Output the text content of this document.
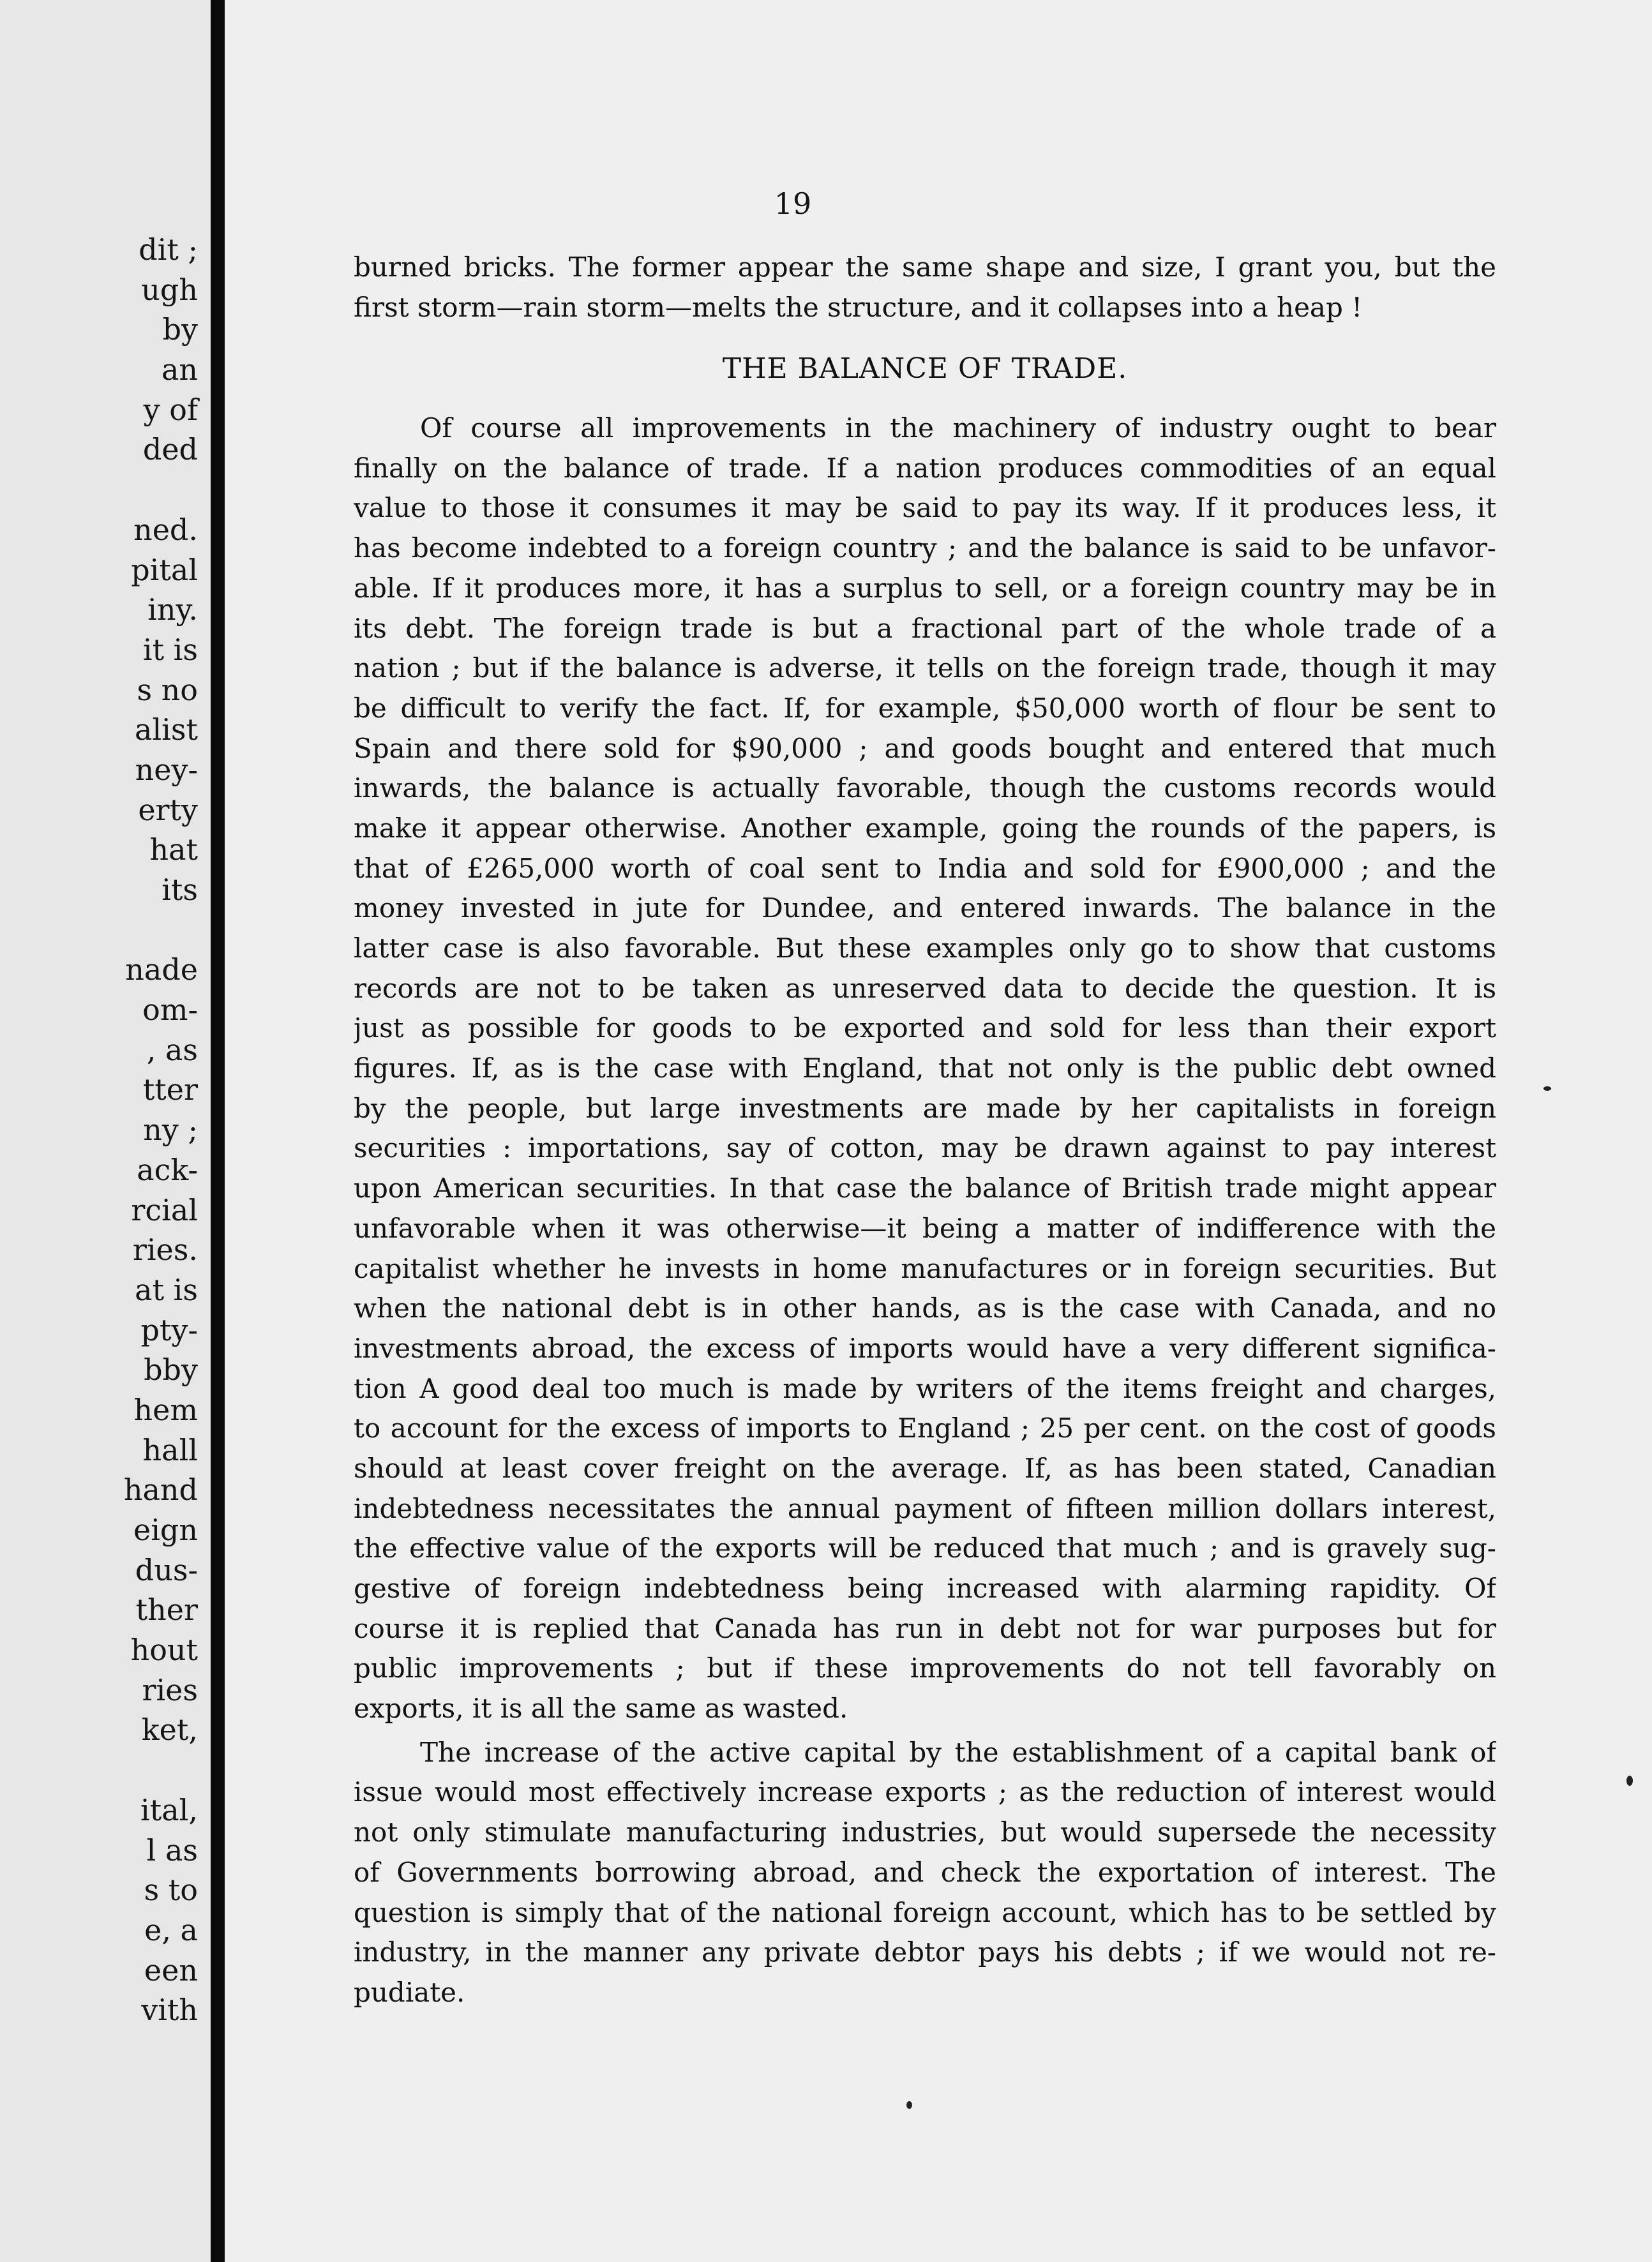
dit ;
ugh
by
an
y of
ded
ned.
pital
iny.
it is
s no
alist
ney-
erty
hat
its
nade
om-
, as
tter
ny ;
ack-
rcial
ries.
at is
pty-
bby
hem
hall
hand
eign
dus-
ther
hout
ries
ket,
ital,
l as
s to
e, a
een
vith
19
burned bricks. The former appear the same shape and size, I grant you, but the
first storm—rain storm—melts the structure, and it collapses into a heap !
THE BALANCE OF TRADE.
Of course all improvements in the machinery of industry ought to bear
finally on the balance of trade. If a nation produces commodities of an equal
value to those it consumes it may be said to pay its way. If it produces less, it
has become indebted to a foreign country ; and the balance is said to be unfavor-
able. If it produces more, it has a surplus to sell, or a foreign country may be in
its debt. The foreign trade is but a fractional part of the whole trade of a
nation ; but if the balance is adverse, it tells on the foreign trade, though it may
be difficult to verify the fact. If, for example, $50,000 worth of flour be sent to
Spain and there sold for $90,000 ; and goods bought and entered that much
inwards, the balance is actually favorable, though the customs records would
make it appear otherwise. Another example, going the rounds of the papers, is
that of £265,000 worth of coal sent to India and sold for £900,000 ; and the
money invested in jute for Dundee, and entered inwards. The balance in the
latter case is also favorable. But these examples only go to show that customs
records are not to be taken as unreserved data to decide the question. It is
just as possible for goods to be exported and sold for less than their export
figures. If, as is the case with England, that not only is the public debt owned
by the people, but large investments are made by her capitalists in foreign
securities : importations, say of cotton, may be drawn against to pay interest
upon American securities. In that case the balance of British trade might appear
unfavorable when it was otherwise—it being a matter of indifference with the
capitalist whether he invests in home manufactures or in foreign securities. But
when the national debt is in other hands, as is the case with Canada, and no
investments abroad, the excess of imports would have a very different significa-
tion A good deal too much is made by writers of the items freight and charges,
to account for the excess of imports to England ; 25 per cent. on the cost of goods
should at least cover freight on the average. If, as has been stated, Canadian
indebtedness necessitates the annual payment of fifteen million dollars interest,
the effective value of the exports will be reduced that much ; and is gravely sug-
gestive of foreign indebtedness being increased with alarming rapidity. Of
course it is replied that Canada has run in debt not for war purposes but for
public improvements ; but if these improvements do not tell favorably on
exports, it is all the same as wasted.
The increase of the active capital by the establishment of a capital bank of
issue would most effectively increase exports ; as the reduction of interest would
not only stimulate manufacturing industries, but would supersede the necessity
of Governments borrowing abroad, and check the exportation of interest. The
question is simply that of the national foreign account, which has to be settled by
industry, in the manner any private debtor pays his debts ; if we would not re-
pudiate.
